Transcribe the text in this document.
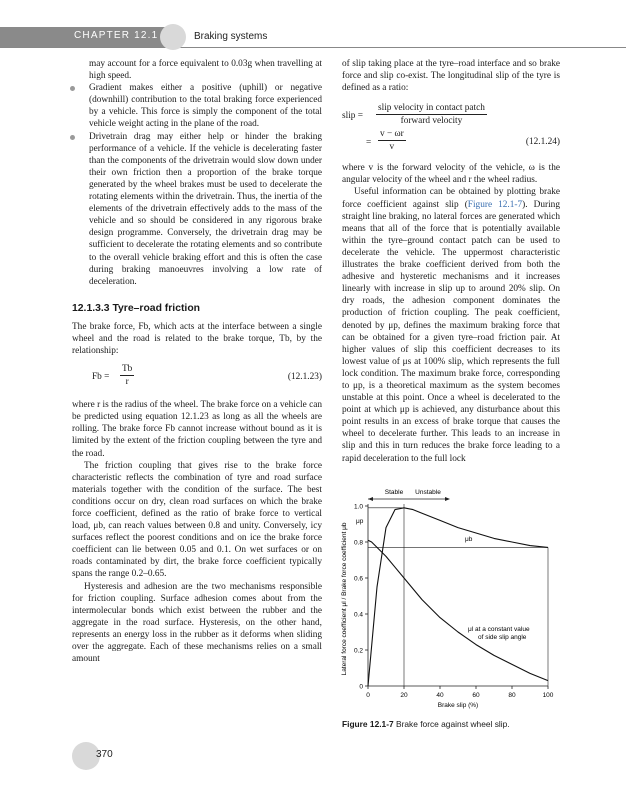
CHAPTER 12.1	Braking systems

may account for a force equivalent to 0.03g when travelling at high speed.

Gradient makes either a positive (uphill) or negative (downhill) contribution to the total braking force experienced by a vehicle. This force is simply the component of the total vehicle weight acting in the plane of the road.
Drivetrain drag may either help or hinder the braking performance of a vehicle. If the vehicle is decelerating faster than the components of the drivetrain would slow down under their own friction then a proportion of the brake torque generated by the wheel brakes must be used to decelerate the rotating elements within the drivetrain. Thus, the inertia of the elements of the drivetrain effectively adds to the mass of the vehicle and so should be considered in any rigorous brake design programme. Conversely, the drivetrain drag may be sufficient to decelerate the rotating elements and so contribute to the overall vehicle braking effort and this is often the case during braking manoeuvres involving a low rate of deceleration.
12.1.3.3 Tyre–road friction

The brake force, Fb, which acts at the interface between a single wheel and the road is related to the brake torque, Tb, by the relationship:

$Fb = \frac{Tb}{r}$	(12.1.23)

where r is the radius of the wheel. The brake force on a vehicle can be predicted using equation 12.1.23 as long as all the wheels are rolling. The brake force Fb cannot increase without bound as it is limited by the extent of the friction coupling between the tyre and the road.

The friction coupling that gives rise to the brake force characteristic reflects the combination of tyre and road surface materials together with the condition of the surface. The best conditions occur on dry, clean road surfaces on which the brake force coefficient, defined as the ratio of brake force to vertical load, μb, can reach values between 0.8 and unity. Conversely, icy surfaces reflect the poorest conditions and on ice the brake force coefficient can lie between 0.05 and 0.1. On wet surfaces or on roads contaminated by dirt, the brake force coefficient typically spans the range 0.2–0.65.

Hysteresis and adhesion are the two mechanisms responsible for friction coupling. Surface adhesion comes about from the intermolecular bonds which exist between the rubber and the aggregate in the road surface. Hysteresis, on the other hand, represents an energy loss in the rubber as it deforms when sliding over the aggregate. Each of these mechanisms relies on a small amount

of slip taking place at the tyre–road interface and so brake force and slip co-exist. The longitudinal slip of the tyre is defined as a ratio:

slip =
slip velocity in contact patch
forward velocity
= $\frac{v - \omega r}{v}$	(12.1.24)

where v is the forward velocity of the vehicle, ω is the angular velocity of the wheel and r the wheel radius.

Useful information can be obtained by plotting brake force coefficient against slip (Figure 12.1-7). During straight line braking, no lateral forces are generated which means that all of the force that is potentially available within the tyre–ground contact patch can be used to decelerate the vehicle. The uppermost characteristic illustrates the brake coefficient derived from both the adhesive and hysteretic mechanisms and it increases linearly with increase in slip up to around 20% slip. On dry roads, the adhesion component dominates the production of friction coupling. The peak coefficient, denoted by μp, defines the maximum braking force that can be obtained for a given tyre–road friction pair. At higher values of slip this coefficient decreases to its lowest value of μs at 100% slip, which represents the full lock condition. The maximum brake force, corresponding to μp, is a theoretical maximum as the system becomes unstable at this point. Once a wheel is decelerated to the point at which μp is achieved, any disturbance about this point results in an excess of brake torque that causes the wheel to decelerate further. This leads to an increase in slip and this in turn reduces the brake force leading to a rapid deceleration to the full lock

0
0.2
0.4
0.6
0.8
1.0
0	20	40	60	80	100
Stable Unstable
μp
μb
μl at a constant value of side slip angle
Brake slip (%)
Lateral force coefficient μl / Brake force coefficient μb
Figure 12.1-7 Brake force against wheel slip.
370
